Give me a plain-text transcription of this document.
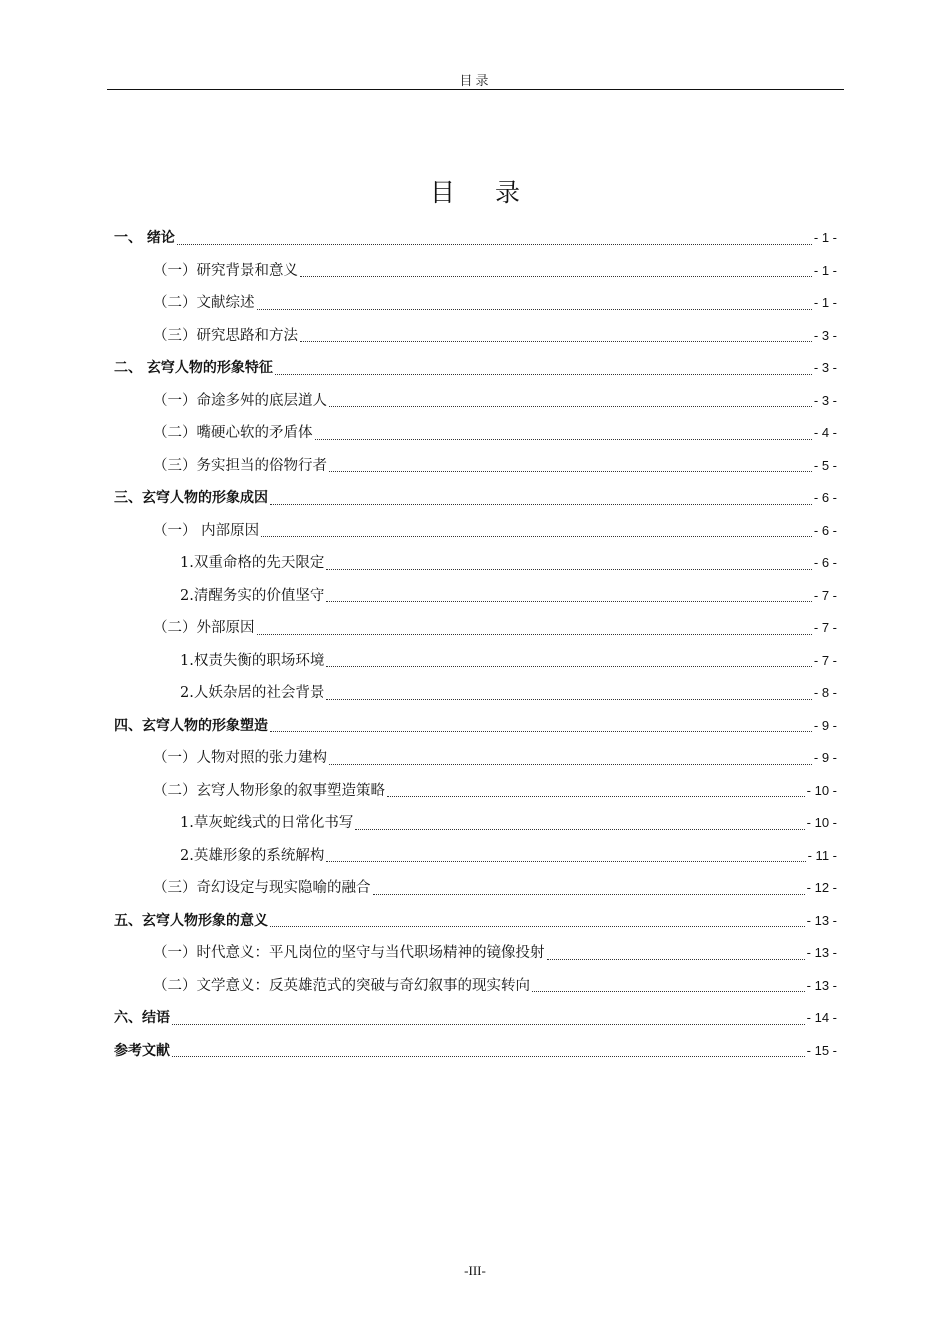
目录
目录
一、 绪论	- 1 -
（一）研究背景和意义	- 1 -
（二）文献综述	- 1 -
（三）研究思路和方法	- 3 -
二、 玄穹人物的形象特征	- 3 -
（一）命途多舛的底层道人	- 3 -
（二）嘴硬心软的矛盾体	- 4 -
（三）务实担当的俗物行者	- 5 -
三、玄穹人物的形象成因	- 6 -
（一） 内部原因	- 6 -
1.双重命格的先天限定	- 6 -
2.清醒务实的价值坚守	- 7 -
（二）外部原因	- 7 -
1.权责失衡的职场环境	- 7 -
2.人妖杂居的社会背景	- 8 -
四、玄穹人物的形象塑造	- 9 -
（一）人物对照的张力建构	- 9 -
（二）玄穹人物形象的叙事塑造策略	- 10 -
1.草灰蛇线式的日常化书写	- 10 -
2.英雄形象的系统解构	- 11 -
（三）奇幻设定与现实隐喻的融合	- 12 -
五、玄穹人物形象的意义	- 13 -
（一）时代意义：平凡岗位的坚守与当代职场精神的镜像投射	- 13 -
（二）文学意义：反英雄范式的突破与奇幻叙事的现实转向	- 13 -
六、结语	- 14 -
参考文献	- 15 -
-III-
